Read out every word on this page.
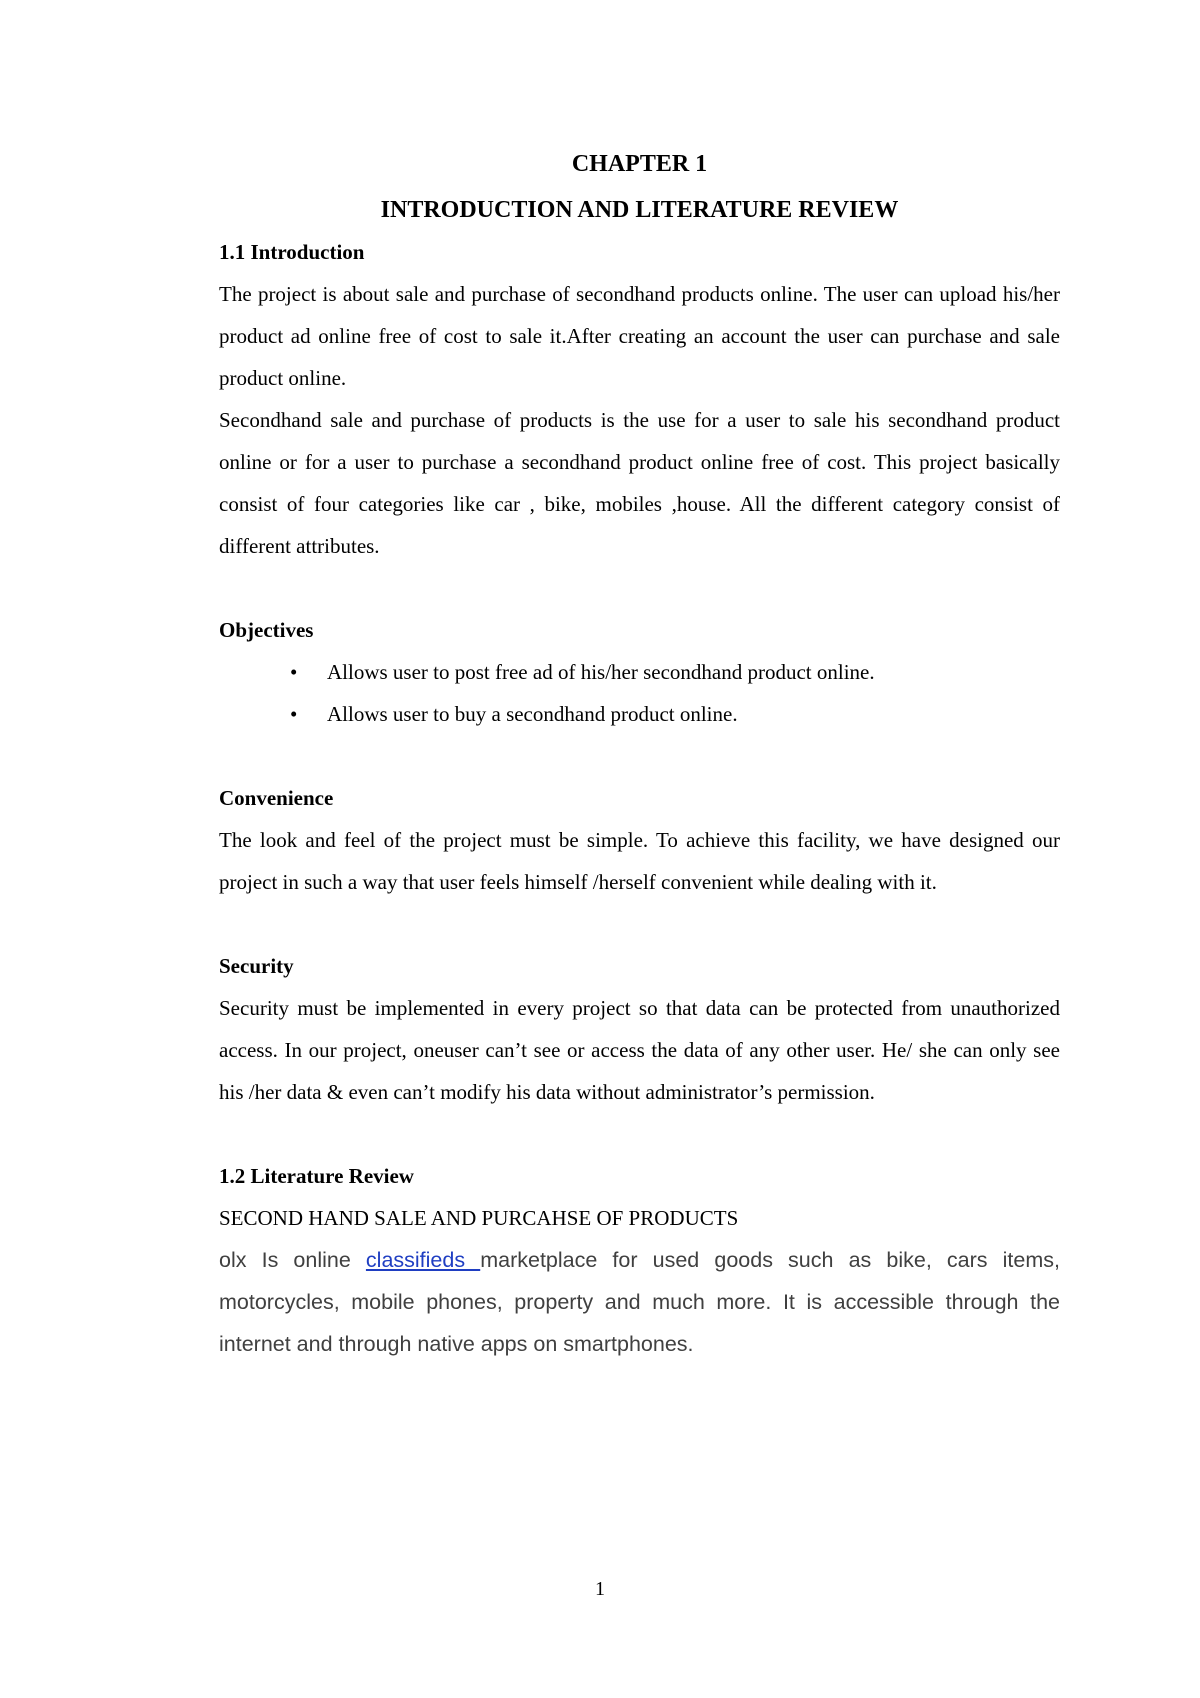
CHAPTER 1

INTRODUCTION AND LITERATURE REVIEW

1.1 Introduction

The project is about sale and purchase of secondhand products online. The user can upload his/her product ad online free of cost to sale it.After creating an account the user can purchase and sale product online.

Secondhand sale and purchase of products is the use for a user to sale his secondhand product online or for a user to purchase a secondhand product online free of cost. This project basically consist of four categories like car , bike, mobiles ,house. All the different category consist of different attributes.

Objectives

• Allows user to post free ad of his/her secondhand product online.
• Allows user to buy a secondhand product online.

Convenience

The look and feel of the project must be simple. To achieve this facility, we have designed our project in such a way that user feels himself /herself convenient while dealing with it.

Security

Security must be implemented in every project so that data can be protected from unauthorized access. In our project, oneuser can’t see or access the data of any other user. He/ she can only see his /her data & even can’t modify his data without administrator’s permission.

1.2 Literature Review

SECOND HAND SALE AND PURCAHSE OF PRODUCTS

olx Is online classifieds marketplace for used goods such as bike, cars items, motorcycles, mobile phones, property and much more. It is accessible through the internet and through native apps on smartphones.

1
